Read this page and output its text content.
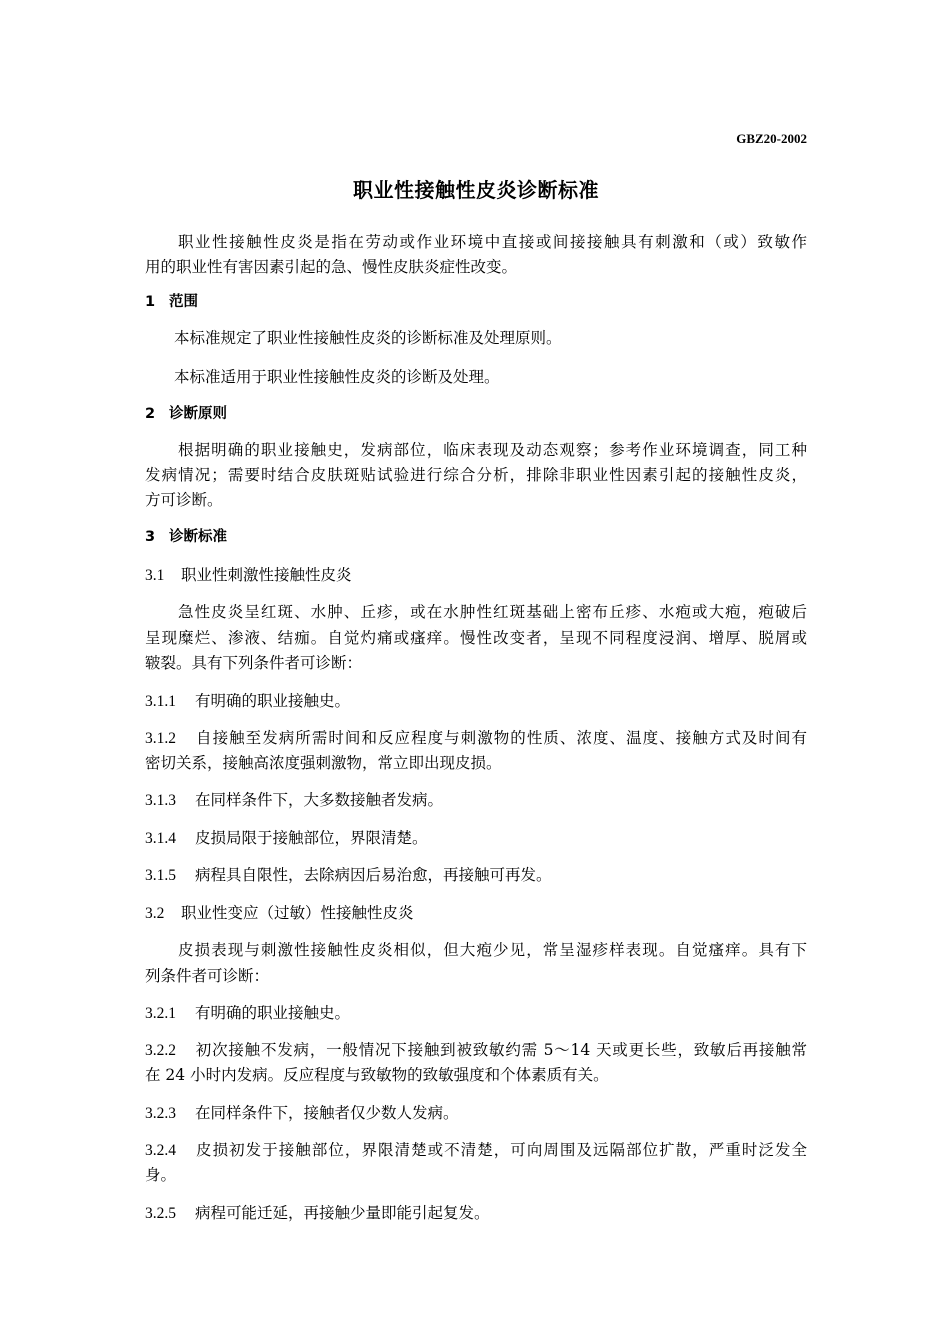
GBZ20-2002
职业性接触性皮炎诊断标准
职业性接触性皮炎是指在劳动或作业环境中直接或间接接触具有刺激和（或）致敏作
用的职业性有害因素引起的急、慢性皮肤炎症性改变。
1 范围
本标准规定了职业性接触性皮炎的诊断标准及处理原则。
本标准适用于职业性接触性皮炎的诊断及处理。
2 诊断原则
根据明确的职业接触史，发病部位，临床表现及动态观察；参考作业环境调查，同工种
发病情况；需要时结合皮肤斑贴试验进行综合分析，排除非职业性因素引起的接触性皮炎，
方可诊断。
3 诊断标准
3.1 职业性刺激性接触性皮炎
急性皮炎呈红斑、水肿、丘疹，或在水肿性红斑基础上密布丘疹、水疱或大疱，疱破后
呈现糜烂、渗液、结痂。自觉灼痛或瘙痒。慢性改变者，呈现不同程度浸润、增厚、脱屑或
皲裂。具有下列条件者可诊断：
3.1.1 有明确的职业接触史。
3.1.2 自接触至发病所需时间和反应程度与刺激物的性质、浓度、温度、接触方式及时间有
密切关系，接触高浓度强刺激物，常立即出现皮损。
3.1.3 在同样条件下，大多数接触者发病。
3.1.4 皮损局限于接触部位，界限清楚。
3.1.5 病程具自限性，去除病因后易治愈，再接触可再发。
3.2 职业性变应（过敏）性接触性皮炎
皮损表现与刺激性接触性皮炎相似，但大疱少见，常呈湿疹样表现。自觉瘙痒。具有下
列条件者可诊断：
3.2.1 有明确的职业接触史。
3.2.2 初次接触不发病，一般情况下接触到被致敏约需 5～14 天或更长些，致敏后再接触常
在 24 小时内发病。反应程度与致敏物的致敏强度和个体素质有关。
3.2.3 在同样条件下，接触者仅少数人发病。
3.2.4 皮损初发于接触部位，界限清楚或不清楚，可向周围及远隔部位扩散，严重时泛发全
身。
3.2.5 病程可能迁延，再接触少量即能引起复发。
